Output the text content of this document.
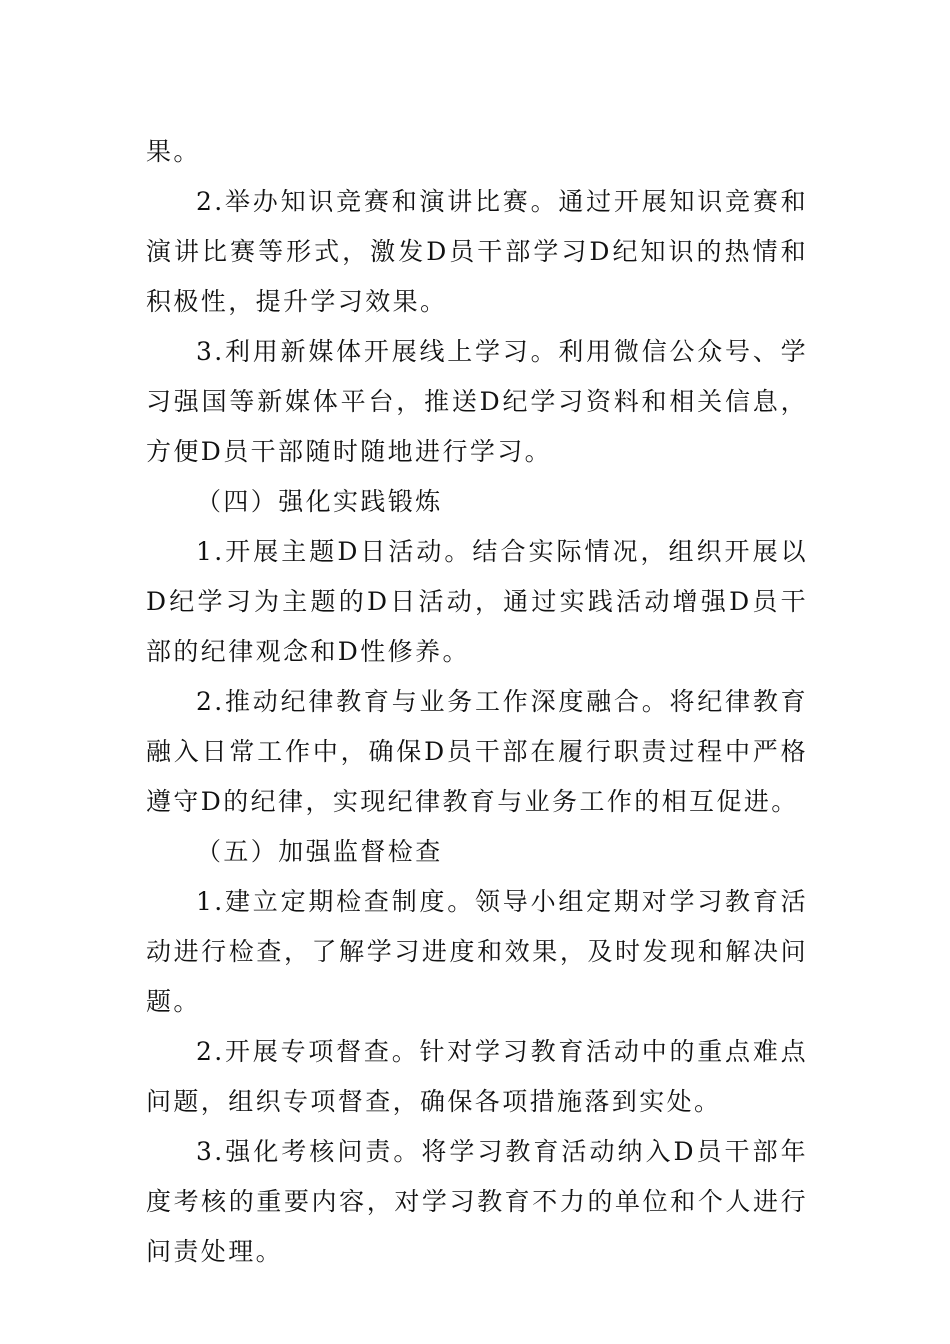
果。

2.举办知识竞赛和演讲比赛。通过开展知识竞赛和演讲比赛等形式，激发D员干部学习D纪知识的热情和积极性，提升学习效果。

3.利用新媒体开展线上学习。利用微信公众号、学习强国等新媒体平台，推送D纪学习资料和相关信息，方便D员干部随时随地进行学习。

（四）强化实践锻炼

1.开展主题D日活动。结合实际情况，组织开展以D纪学习为主题的D日活动，通过实践活动增强D员干部的纪律观念和D性修养。

2.推动纪律教育与业务工作深度融合。将纪律教育融入日常工作中，确保D员干部在履行职责过程中严格遵守D的纪律，实现纪律教育与业务工作的相互促进。

（五）加强监督检查

1.建立定期检查制度。领导小组定期对学习教育活动进行检查，了解学习进度和效果，及时发现和解决问题。

2.开展专项督查。针对学习教育活动中的重点难点问题，组织专项督查，确保各项措施落到实处。

3.强化考核问责。将学习教育活动纳入D员干部年度考核的重要内容，对学习教育不力的单位和个人进行问责处理。
